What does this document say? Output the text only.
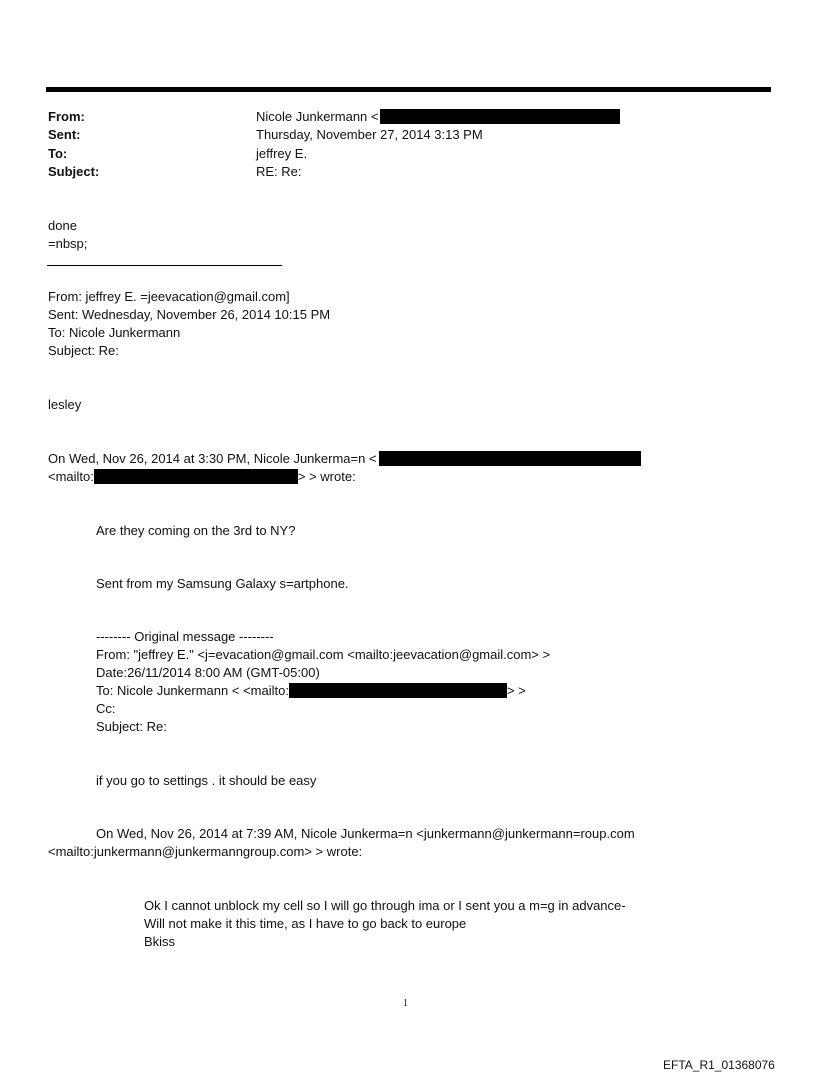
From:
Sent:
To:
Subject:
Nicole Junkermann <
Thursday, November 27, 2014 3:13 PM
jeffrey E.
RE: Re:
done
=nbsp;
From: jeffrey E. =jeevacation@gmail.com]
Sent: Wednesday, November 26, 2014 10:15 PM
To: Nicole Junkermann
Subject: Re:
lesley
On Wed, Nov 26, 2014 at 3:30 PM, Nicole Junkerma=n <
<mailto:	> > wrote:
Are they coming on the 3rd to NY?
Sent from my Samsung Galaxy s=artphone.
-------- Original message --------
From: "jeffrey E." <j=evacation@gmail.com <mailto:jeevacation@gmail.com> >
Date:26/11/2014 8:00 AM (GMT-05:00)
To: Nicole Junkermann < <mailto:	> >
Cc:
Subject: Re:
if you go to settings . it should be easy
On Wed, Nov 26, 2014 at 7:39 AM, Nicole Junkerma=n <junkermann@junkermann=roup.com
<mailto:junkermann@junkermanngroup.com> > wrote:
Ok I cannot unblock my cell so I will go through ima or I sent you a m=g in advance-
Will not make it this time, as I have to go back to europe
Bkiss
1
EFTA_R1_01368076
